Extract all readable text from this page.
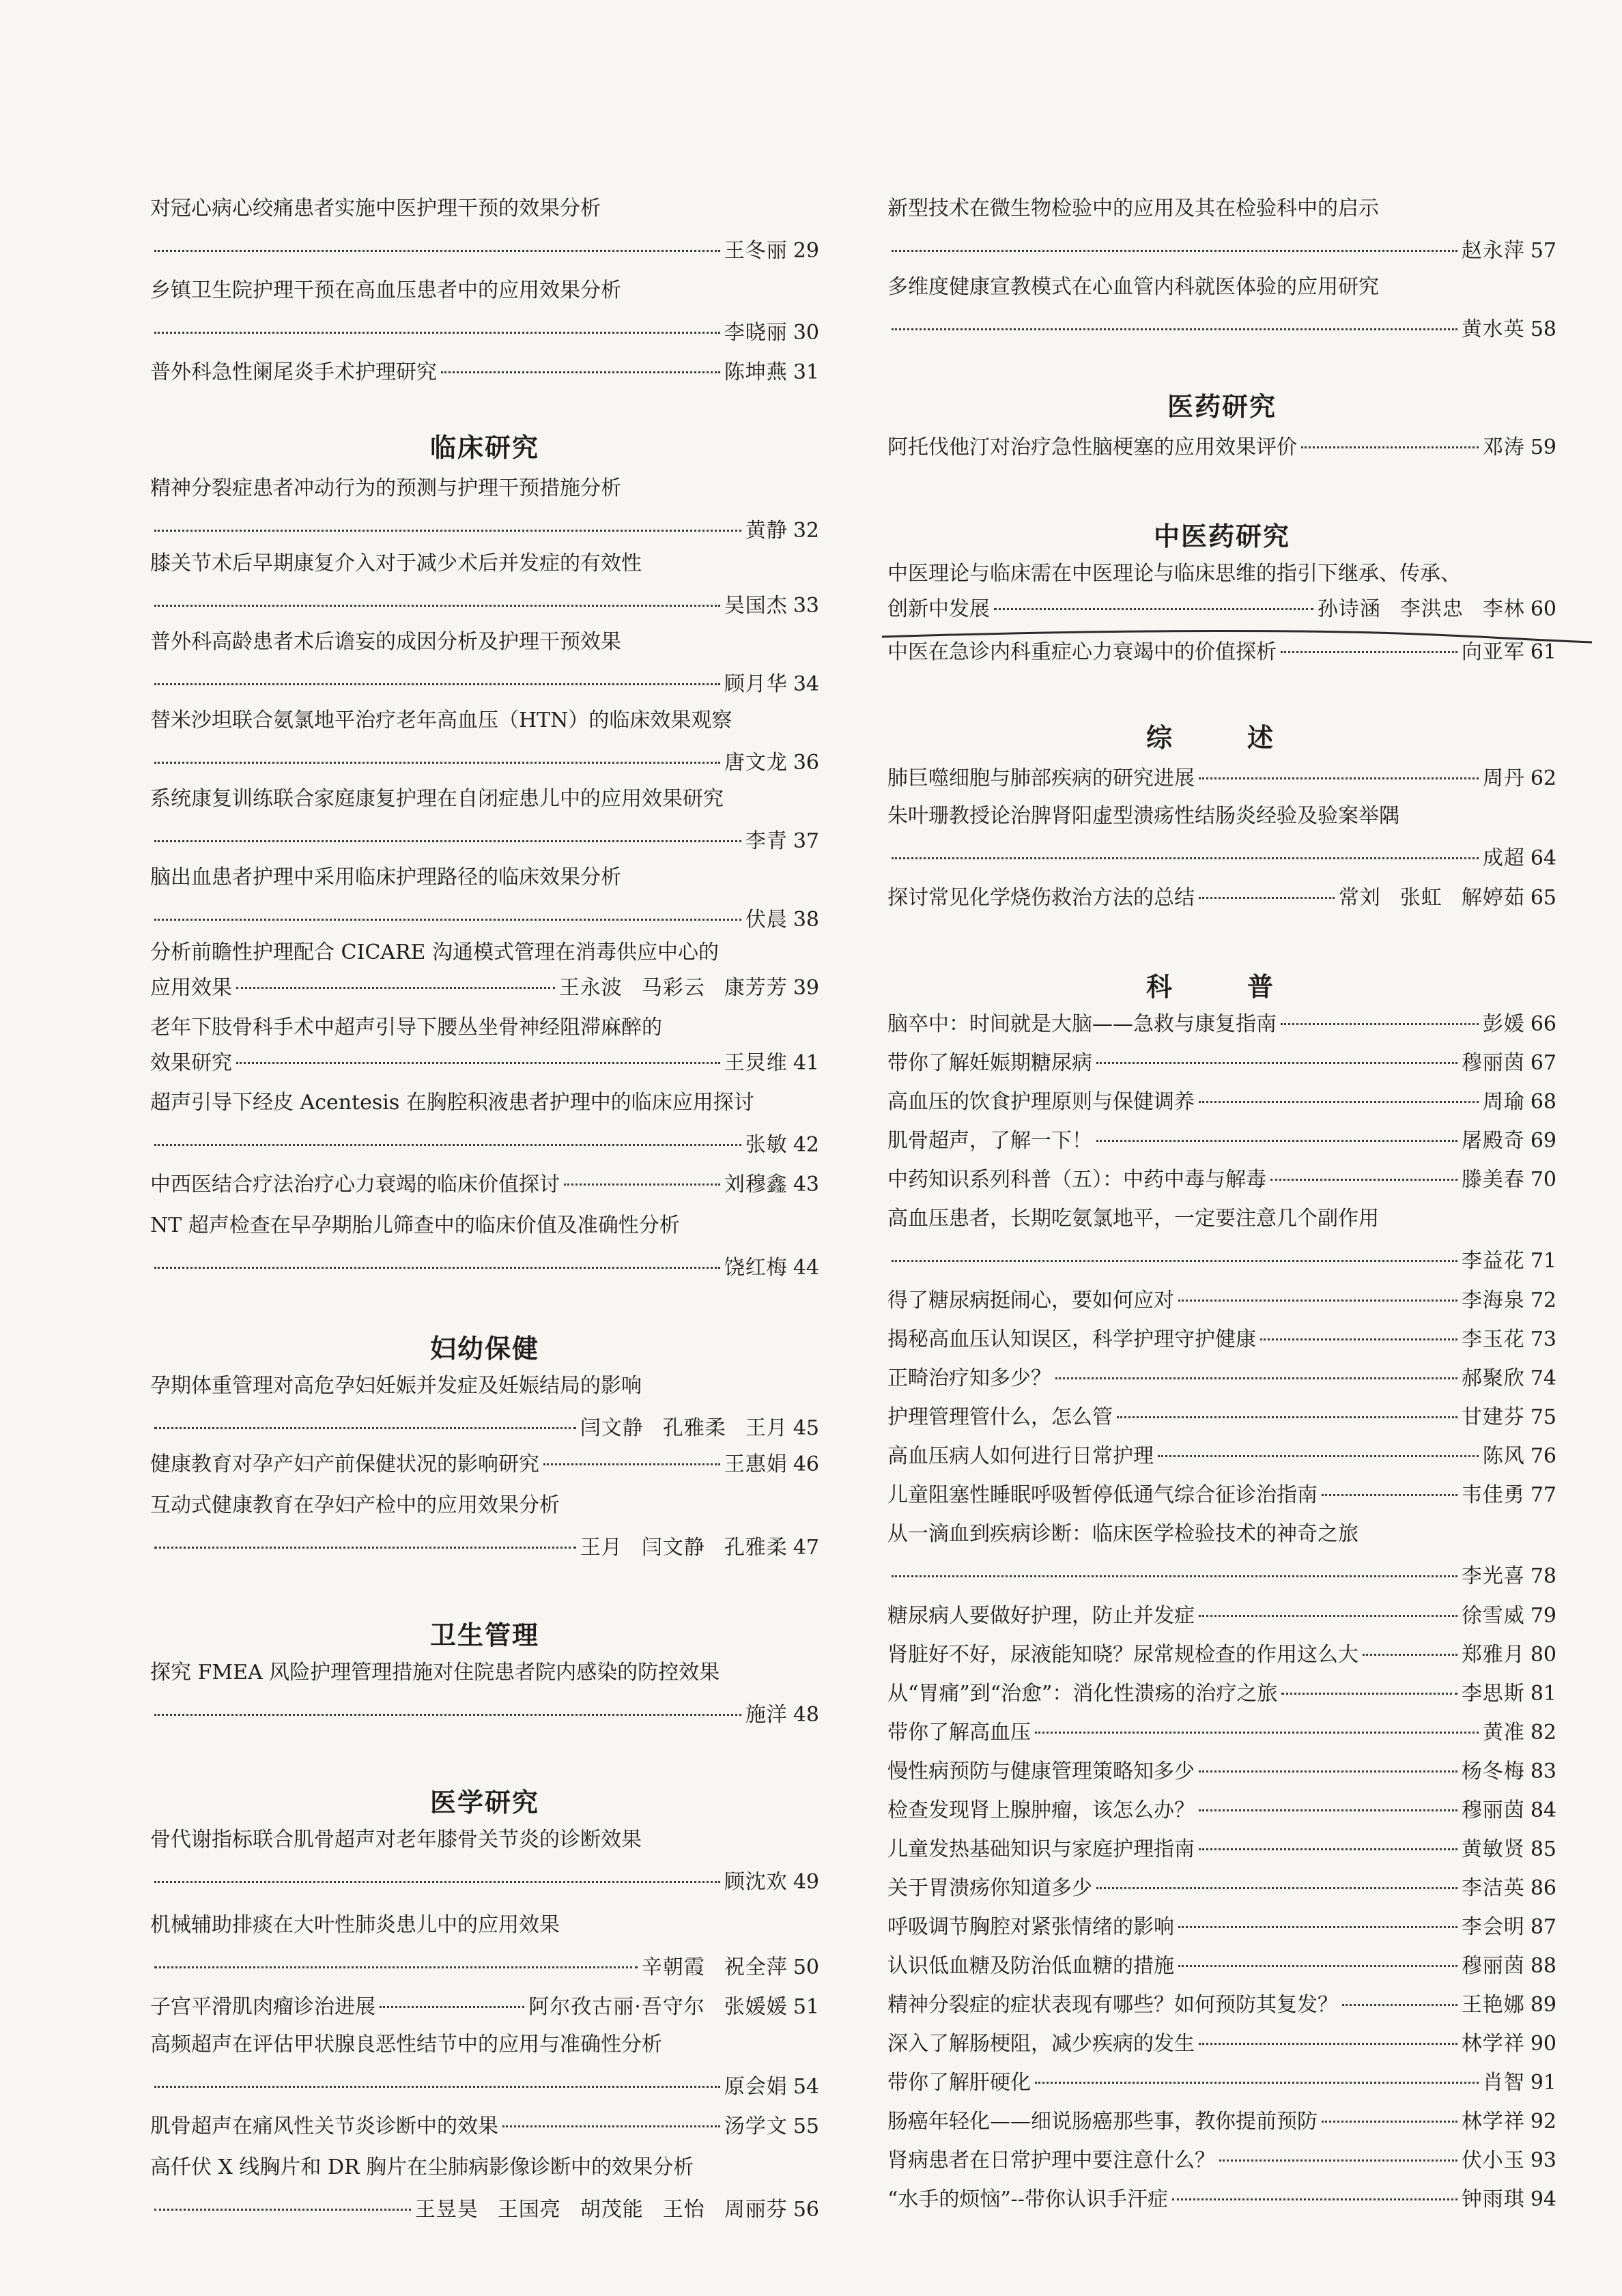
对冠心病心绞痛患者实施中医护理干预的效果分析
王冬丽 29
乡镇卫生院护理干预在高血压患者中的应用效果分析
李晓丽 30
普外科急性阑尾炎手术护理研究	陈坤燕 31
临床研究
精神分裂症患者冲动行为的预测与护理干预措施分析
黄静 32
膝关节术后早期康复介入对于减少术后并发症的有效性
吴国杰 33
普外科高龄患者术后谵妄的成因分析及护理干预效果
顾月华 34
替米沙坦联合氨氯地平治疗老年高血压（HTN）的临床效果观察
唐文龙 36
系统康复训练联合家庭康复护理在自闭症患儿中的应用效果研究
李青 37
脑出血患者护理中采用临床护理路径的临床效果分析
伏晨 38
分析前瞻性护理配合 CICARE 沟通模式管理在消毒供应中心的
应用效果	王永波 马彩云 康芳芳 39
老年下肢骨科手术中超声引导下腰丛坐骨神经阻滞麻醉的
效果研究	王炅维 41
超声引导下经皮 Acentesis 在胸腔积液患者护理中的临床应用探讨
张敏 42
中西医结合疗法治疗心力衰竭的临床价值探讨	刘穆鑫 43
NT 超声检查在早孕期胎儿筛查中的临床价值及准确性分析
饶红梅 44
妇幼保健
孕期体重管理对高危孕妇妊娠并发症及妊娠结局的影响
闫文静 孔雅柔 王月 45
健康教育对孕产妇产前保健状况的影响研究	王惠娟 46
互动式健康教育在孕妇产检中的应用效果分析
王月 闫文静 孔雅柔 47
卫生管理
探究 FMEA 风险护理管理措施对住院患者院内感染的防控效果
施洋 48
医学研究
骨代谢指标联合肌骨超声对老年膝骨关节炎的诊断效果
顾沈欢 49
机械辅助排痰在大叶性肺炎患儿中的应用效果
辛朝霞 祝全萍 50
子宫平滑肌肉瘤诊治进展	阿尔孜古丽·吾守尔 张媛媛 51
高频超声在评估甲状腺良恶性结节中的应用与准确性分析
原会娟 54
肌骨超声在痛风性关节炎诊断中的效果	汤学文 55
高仟伏 X 线胸片和 DR 胸片在尘肺病影像诊断中的效果分析
王昱昊 王国亮 胡茂能 王怡 周丽芬 56
新型技术在微生物检验中的应用及其在检验科中的启示
赵永萍 57
多维度健康宣教模式在心血管内科就医体验的应用研究
黄水英 58
医药研究
阿托伐他汀对治疗急性脑梗塞的应用效果评价	邓涛 59
中医药研究
中医理论与临床需在中医理论与临床思维的指引下继承、传承、
创新中发展	孙诗涵 李洪忠 李林 60
中医在急诊内科重症心力衰竭中的价值探析	向亚军 61
综　述
肺巨噬细胞与肺部疾病的研究进展	周丹 62
朱叶珊教授论治脾肾阳虚型溃疡性结肠炎经验及验案举隅
成超 64
探讨常见化学烧伤救治方法的总结	常刘 张虹 解婷茹 65
科　普
脑卒中：时间就是大脑——急救与康复指南	彭媛 66
带你了解妊娠期糖尿病	穆丽茵 67
高血压的饮食护理原则与保健调养	周瑜 68
肌骨超声，了解一下！	屠殿奇 69
中药知识系列科普（五）：中药中毒与解毒	滕美春 70
高血压患者，长期吃氨氯地平，一定要注意几个副作用
李益花 71
得了糖尿病挺闹心，要如何应对	李海泉 72
揭秘高血压认知误区，科学护理守护健康	李玉花 73
正畸治疗知多少？	郝聚欣 74
护理管理管什么，怎么管	甘建芬 75
高血压病人如何进行日常护理	陈风 76
儿童阻塞性睡眠呼吸暂停低通气综合征诊治指南	韦佳勇 77
从一滴血到疾病诊断：临床医学检验技术的神奇之旅
李光喜 78
糖尿病人要做好护理，防止并发症	徐雪威 79
肾脏好不好，尿液能知晓？尿常规检查的作用这么大	郑雅月 80
从“胃痛”到“治愈”：消化性溃疡的治疗之旅	李思斯 81
带你了解高血压	黄准 82
慢性病预防与健康管理策略知多少	杨冬梅 83
检查发现肾上腺肿瘤，该怎么办？	穆丽茵 84
儿童发热基础知识与家庭护理指南	黄敏贤 85
关于胃溃疡你知道多少	李洁英 86
呼吸调节胸腔对紧张情绪的影响	李会明 87
认识低血糖及防治低血糖的措施	穆丽茵 88
精神分裂症的症状表现有哪些？如何预防其复发？	王艳娜 89
深入了解肠梗阻，减少疾病的发生	林学祥 90
带你了解肝硬化	肖智 91
肠癌年轻化——细说肠癌那些事，教你提前预防	林学祥 92
肾病患者在日常护理中要注意什么？	伏小玉 93
“水手的烦恼”--带你认识手汗症	钟雨琪 94
